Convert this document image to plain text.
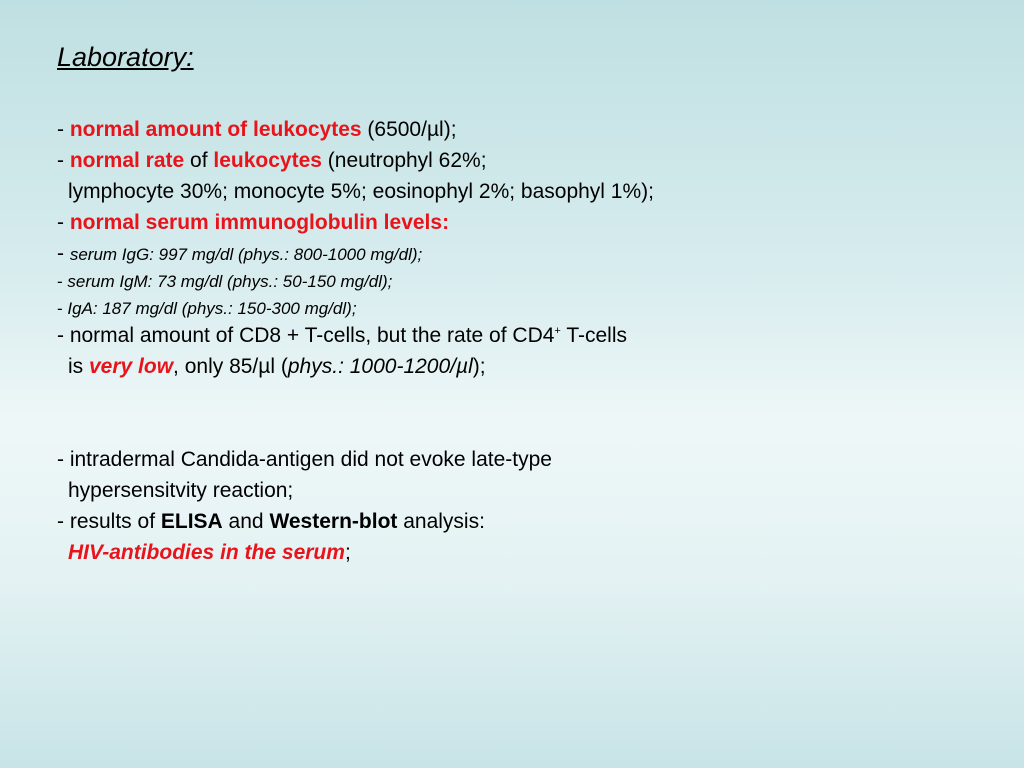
Laboratory:
- normal amount of leukocytes (6500/µl);
- normal rate of leukocytes (neutrophyl 62%;
lymphocyte 30%; monocyte 5%; eosinophyl 2%; basophyl 1%);
- normal serum immunoglobulin levels:
- serum IgG: 997 mg/dl (phys.: 800-1000 mg/dl);
- serum IgM: 73 mg/dl (phys.: 50-150 mg/dl);
- IgA: 187 mg/dl (phys.: 150-300 mg/dl);
- normal amount of CD8 + T-cells, but the rate of CD4+ T-cells
is very low, only 85/µl (phys.: 1000-1200/µl);
- intradermal Candida-antigen did not evoke late-type
hypersensitvity reaction;
- results of ELISA and Western-blot analysis:
HIV-antibodies in the serum;
